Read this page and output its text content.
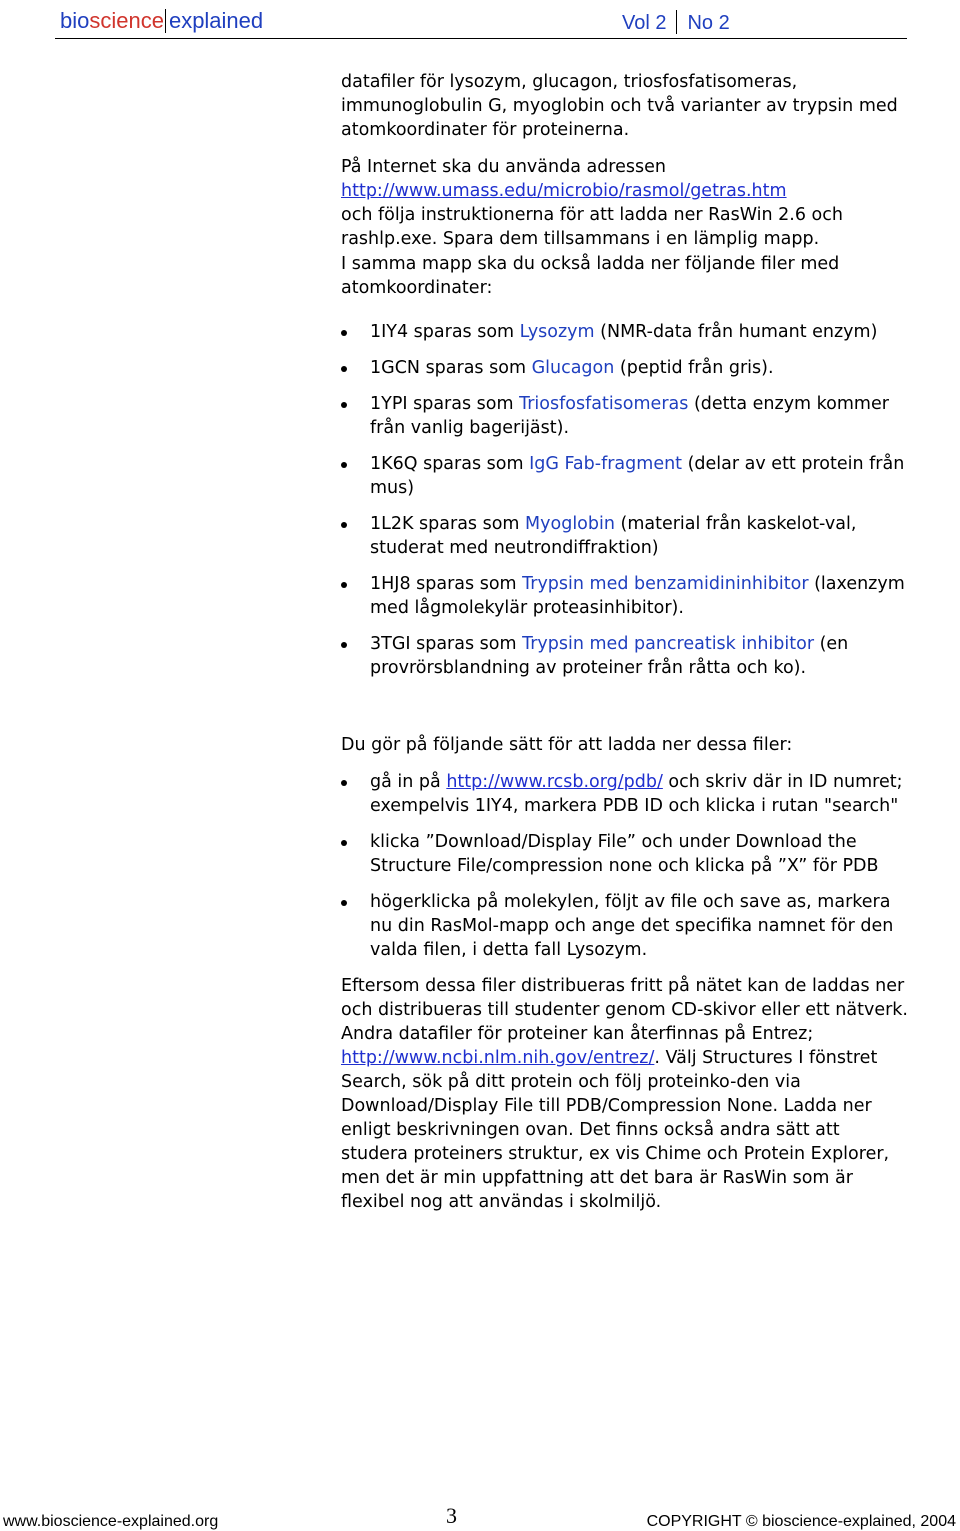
bioscience explained	Vol 2 No 2

datafiler för lysozym, glucagon, triosfosfatisomeras, immunoglobulin G, myoglobin och två varianter av trypsin med atomkoordinater för proteinerna.

På Internet ska du använda adressen
http://www.umass.edu/microbio/rasmol/getras.htm
och följa instruktionerna för att ladda ner RasWin 2.6 och rashlp.exe. Spara dem tillsammans i en lämplig mapp.

I samma mapp ska du också ladda ner följande filer med atomkoordinater:

1IY4 sparas som Lysozym (NMR-data från humant enzym)
1GCN sparas som Glucagon (peptid från gris).
1YPI sparas som Triosfosfatisomeras (detta enzym kommer från vanlig bagerijäst).
1K6Q sparas som IgG Fab-fragment (delar av ett protein från mus)
1L2K sparas som Myoglobin (material från kaskelot-val, studerat med neutrondiffraktion)
1HJ8 sparas som Trypsin med benzamidininhibitor (laxenzym med lågmolekylär proteasinhibitor).
3TGI sparas som Trypsin med pancreatisk inhibitor (en provrörsblandning av proteiner från råtta och ko).

Du gör på följande sätt för att ladda ner dessa filer:

gå in på http://www.rcsb.org/pdb/ och skriv där in ID numret; exempelvis 1IY4, markera PDB ID och klicka i rutan "search"
klicka ”Download/Display File” och under Download the Structure File/compression none och klicka på ”X” för PDB
högerklicka på molekylen, följt av file och save as, markera nu din RasMol-mapp och ange det specifika namnet för den valda filen, i detta fall Lysozym.

Eftersom dessa filer distribueras fritt på nätet kan de laddas ner och distribueras till studenter genom CD-skivor eller ett nätverk. Andra datafiler för proteiner kan återfinnas på Entrez; http://www.ncbi.nlm.nih.gov/entrez/. Välj Structures I fönstret Search, sök på ditt protein och följ proteinko-den via Download/Display File till PDB/Compression None. Ladda ner enligt beskrivningen ovan. Det finns också andra sätt att studera proteiners struktur, ex vis Chime och Protein Explorer, men det är min uppfattning att det bara är RasWin som är flexibel nog att användas i skolmiljö.

www.bioscience-explained.org	3	COPYRIGHT © bioscience-explained, 2004
